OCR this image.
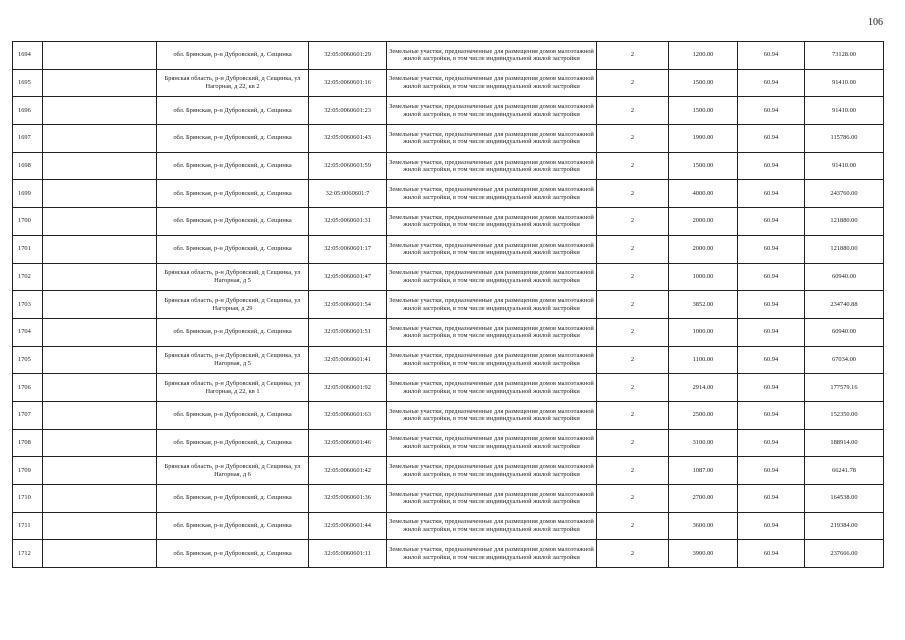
106
1694		обл. Брянская, р-н Дубровский, д. Сещинка	32:05:0060601:29	Земельные участки, предназначенные для размещения домов малоэтажной жилой застройки, в том числе индивидуальной жилой застройки	2	1200.00	60.94	73128.00
1695		Брянская область, р-н Дубровский, д Сещинка, ул Нагорная, д 22, кв 2	32:05:0060601:16	Земельные участки, предназначенные для размещения домов малоэтажной жилой застройки, в том числе индивидуальной жилой застройки	2	1500.00	60.94	91410.00
1696		обл. Брянская, р-н Дубровский, д. Сещинка	32:05:0060601:23	Земельные участки, предназначенные для размещения домов малоэтажной жилой застройки, в том числе индивидуальной жилой застройки	2	1500.00	60.94	91410.00
1697		обл. Брянская, р-н Дубровский, д. Сещинка	32:05:0060601:43	Земельные участки, предназначенные для размещения домов малоэтажной жилой застройки, в том числе индивидуальной жилой застройки	2	1900.00	60.94	115786.00
1698		обл. Брянская, р-н Дубровский, д. Сещинка	32:05:0060601:59	Земельные участки, предназначенные для размещения домов малоэтажной жилой застройки, в том числе индивидуальной жилой застройки	2	1500.00	60.94	91410.00
1699		обл. Брянская, р-н Дубровский, д. Сещинка	32:05:0060601:7	Земельные участки, предназначенные для размещения домов малоэтажной жилой застройки, в том числе индивидуальной жилой застройки	2	4000.00	60.94	243760.00
1700		обл. Брянская, р-н Дубровский, д. Сещинка	32:05:0060601:31	Земельные участки, предназначенные для размещения домов малоэтажной жилой застройки, в том числе индивидуальной жилой застройки	2	2000.00	60.94	121880.00
1701		обл. Брянская, р-н Дубровский, д. Сещинка	32:05:0060601:17	Земельные участки, предназначенные для размещения домов малоэтажной жилой застройки, в том числе индивидуальной жилой застройки	2	2000.00	60.94	121880.00
1702		Брянская область, р-н Дубровский, д Сещинка, ул Нагорная, д 5	32:05:0060601:47	Земельные участки, предназначенные для размещения домов малоэтажной жилой застройки, в том числе индивидуальной жилой застройки	2	1000.00	60.94	60940.00
1703		Брянская область, р-н Дубровский, д Сещинка, ул Нагорная, д 29	32:05:0060601:54	Земельные участки, предназначенные для размещения домов малоэтажной жилой застройки, в том числе индивидуальной жилой застройки	2	3852.00	60.94	234740.88
1704		обл. Брянская, р-н Дубровский, д. Сещинка	32:05:0060601:51	Земельные участки, предназначенные для размещения домов малоэтажной жилой застройки, в том числе индивидуальной жилой застройки	2	1000.00	60.94	60940.00
1705		Брянская область, р-н Дубровский, д Сещинка, ул Нагорная, д 5	32:05:0060601:41	Земельные участки, предназначенные для размещения домов малоэтажной жилой застройки, в том числе индивидуальной жилой застройки	2	1100.00	60.94	67034.00
1706		Брянская область, р-н Дубровский, д Сещинка, ул Нагорная, д 22, кв 1	32:05:0060601:92	Земельные участки, предназначенные для размещения домов малоэтажной жилой застройки, в том числе индивидуальной жилой застройки	2	2914.00	60.94	177579.16
1707		обл. Брянская, р-н Дубровский, д. Сещинка	32:05:0060601:63	Земельные участки, предназначенные для размещения домов малоэтажной жилой застройки, в том числе индивидуальной жилой застройки	2	2500.00	60.94	152350.00
1708		обл. Брянская, р-н Дубровский, д. Сещинка	32:05:0060601:46	Земельные участки, предназначенные для размещения домов малоэтажной жилой застройки, в том числе индивидуальной жилой застройки	2	3100.00	60.94	188914.00
1709		Брянская область, р-н Дубровский, д Сещинка, ул Нагорная, д 6	32:05:0060601:42	Земельные участки, предназначенные для размещения домов малоэтажной жилой застройки, в том числе индивидуальной жилой застройки	2	1087.00	60.94	66241.78
1710		обл. Брянская, р-н Дубровский, д. Сещинка	32:05:0060601:36	Земельные участки, предназначенные для размещения домов малоэтажной жилой застройки, в том числе индивидуальной жилой застройки	2	2700.00	60.94	164538.00
1711		обл. Брянская, р-н Дубровский, д. Сещинка	32:05:0060601:44	Земельные участки, предназначенные для размещения домов малоэтажной жилой застройки, в том числе индивидуальной жилой застройки	2	3600.00	60.94	219384.00
1712		обл. Брянская, р-н Дубровский, д. Сещинка	32:05:0060601:11	Земельные участки, предназначенные для размещения домов малоэтажной жилой застройки, в том числе индивидуальной жилой застройки	2	3900.00	60.94	237666.00
